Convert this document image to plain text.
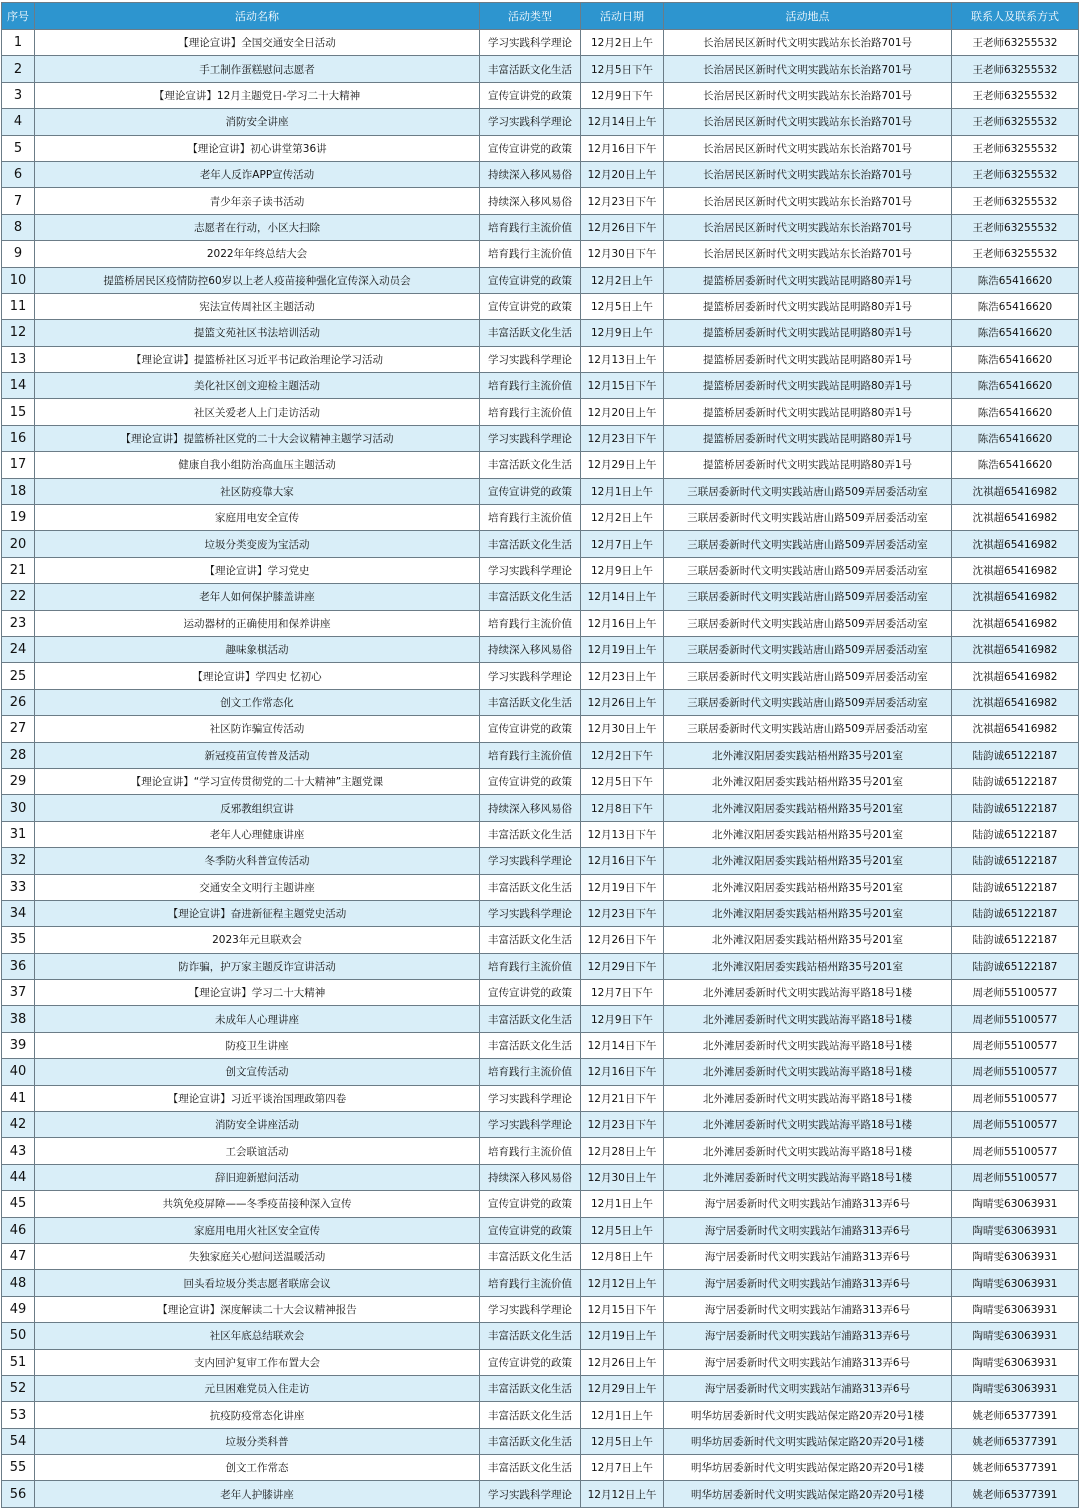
序号	活动名称	活动类型	活动日期	活动地点	联系人及联系方式
1	【理论宣讲】全国交通安全日活动	学习实践科学理论	12月2日上午	长治居民区新时代文明实践站东长治路701号	王老师63255532
2	手工制作蛋糕慰问志愿者	丰富活跃文化生活	12月5日下午	长治居民区新时代文明实践站东长治路701号	王老师63255532
3	【理论宣讲】12月主题党日-学习二十大精神	宣传宣讲党的政策	12月9日下午	长治居民区新时代文明实践站东长治路701号	王老师63255532
4	消防安全讲座	学习实践科学理论	12月14日上午	长治居民区新时代文明实践站东长治路701号	王老师63255532
5	【理论宣讲】初心讲堂第36讲	宣传宣讲党的政策	12月16日下午	长治居民区新时代文明实践站东长治路701号	王老师63255532
6	老年人反诈APP宣传活动	持续深入移风易俗	12月20日上午	长治居民区新时代文明实践站东长治路701号	王老师63255532
7	青少年亲子读书活动	持续深入移风易俗	12月23日下午	长治居民区新时代文明实践站东长治路701号	王老师63255532
8	志愿者在行动，小区大扫除	培育践行主流价值	12月26日下午	长治居民区新时代文明实践站东长治路701号	王老师63255532
9	2022年年终总结大会	培育践行主流价值	12月30日下午	长治居民区新时代文明实践站东长治路701号	王老师63255532
10	提篮桥居民区疫情防控60岁以上老人疫苗接种强化宣传深入动员会	宣传宣讲党的政策	12月2日上午	提篮桥居委新时代文明实践站昆明路80弄1号	陈浩65416620
11	宪法宣传周社区主题活动	宣传宣讲党的政策	12月5日上午	提篮桥居委新时代文明实践站昆明路80弄1号	陈浩65416620
12	提篮文苑社区书法培训活动	丰富活跃文化生活	12月9日上午	提篮桥居委新时代文明实践站昆明路80弄1号	陈浩65416620
13	【理论宣讲】提篮桥社区习近平书记政治理论学习活动	学习实践科学理论	12月13日上午	提篮桥居委新时代文明实践站昆明路80弄1号	陈浩65416620
14	美化社区创文迎检主题活动	培育践行主流价值	12月15日下午	提篮桥居委新时代文明实践站昆明路80弄1号	陈浩65416620
15	社区关爱老人上门走访活动	培育践行主流价值	12月20日上午	提篮桥居委新时代文明实践站昆明路80弄1号	陈浩65416620
16	【理论宣讲】提篮桥社区党的二十大会议精神主题学习活动	学习实践科学理论	12月23日下午	提篮桥居委新时代文明实践站昆明路80弄1号	陈浩65416620
17	健康自我小组防治高血压主题活动	丰富活跃文化生活	12月29日上午	提篮桥居委新时代文明实践站昆明路80弄1号	陈浩65416620
18	社区防疫靠大家	宣传宣讲党的政策	12月1日上午	三联居委新时代文明实践站唐山路509弄居委活动室	沈祺超65416982
19	家庭用电安全宣传	培育践行主流价值	12月2日上午	三联居委新时代文明实践站唐山路509弄居委活动室	沈祺超65416982
20	垃圾分类变废为宝活动	丰富活跃文化生活	12月7日上午	三联居委新时代文明实践站唐山路509弄居委活动室	沈祺超65416982
21	【理论宣讲】学习党史	学习实践科学理论	12月9日上午	三联居委新时代文明实践站唐山路509弄居委活动室	沈祺超65416982
22	老年人如何保护膝盖讲座	丰富活跃文化生活	12月14日上午	三联居委新时代文明实践站唐山路509弄居委活动室	沈祺超65416982
23	运动器材的正确使用和保养讲座	培育践行主流价值	12月16日上午	三联居委新时代文明实践站唐山路509弄居委活动室	沈祺超65416982
24	趣味象棋活动	持续深入移风易俗	12月19日上午	三联居委新时代文明实践站唐山路509弄居委活动室	沈祺超65416982
25	【理论宣讲】学四史 忆初心	学习实践科学理论	12月23日上午	三联居委新时代文明实践站唐山路509弄居委活动室	沈祺超65416982
26	创文工作常态化	丰富活跃文化生活	12月26日上午	三联居委新时代文明实践站唐山路509弄居委活动室	沈祺超65416982
27	社区防诈骗宣传活动	宣传宣讲党的政策	12月30日上午	三联居委新时代文明实践站唐山路509弄居委活动室	沈祺超65416982
28	新冠疫苗宣传普及活动	培育践行主流价值	12月2日下午	北外滩汉阳居委实践站梧州路35号201室	陆韵诚65122187
29	【理论宣讲】“学习宣传贯彻党的二十大精神”主题党课	宣传宣讲党的政策	12月5日下午	北外滩汉阳居委实践站梧州路35号201室	陆韵诚65122187
30	反邪教组织宣讲	持续深入移风易俗	12月8日下午	北外滩汉阳居委实践站梧州路35号201室	陆韵诚65122187
31	老年人心理健康讲座	丰富活跃文化生活	12月13日下午	北外滩汉阳居委实践站梧州路35号201室	陆韵诚65122187
32	冬季防火科普宣传活动	学习实践科学理论	12月16日下午	北外滩汉阳居委实践站梧州路35号201室	陆韵诚65122187
33	交通安全文明行主题讲座	丰富活跃文化生活	12月19日下午	北外滩汉阳居委实践站梧州路35号201室	陆韵诚65122187
34	【理论宣讲】奋进新征程主题党史活动	学习实践科学理论	12月23日下午	北外滩汉阳居委实践站梧州路35号201室	陆韵诚65122187
35	2023年元旦联欢会	丰富活跃文化生活	12月26日下午	北外滩汉阳居委实践站梧州路35号201室	陆韵诚65122187
36	防诈骗，护万家主题反诈宣讲活动	培育践行主流价值	12月29日下午	北外滩汉阳居委实践站梧州路35号201室	陆韵诚65122187
37	【理论宣讲】学习二十大精神	宣传宣讲党的政策	12月7日下午	北外滩居委新时代文明实践站海平路18号1楼	周老师55100577
38	未成年人心理讲座	丰富活跃文化生活	12月9日下午	北外滩居委新时代文明实践站海平路18号1楼	周老师55100577
39	防疫卫生讲座	丰富活跃文化生活	12月14日下午	北外滩居委新时代文明实践站海平路18号1楼	周老师55100577
40	创文宣传活动	培育践行主流价值	12月16日下午	北外滩居委新时代文明实践站海平路18号1楼	周老师55100577
41	【理论宣讲】习近平谈治国理政第四卷	学习实践科学理论	12月21日下午	北外滩居委新时代文明实践站海平路18号1楼	周老师55100577
42	消防安全讲座活动	学习实践科学理论	12月23日下午	北外滩居委新时代文明实践站海平路18号1楼	周老师55100577
43	工会联谊活动	培育践行主流价值	12月28日上午	北外滩居委新时代文明实践站海平路18号1楼	周老师55100577
44	辞旧迎新慰问活动	持续深入移风易俗	12月30日上午	北外滩居委新时代文明实践站海平路18号1楼	周老师55100577
45	共筑免疫屏障——冬季疫苗接种深入宣传	宣传宣讲党的政策	12月1日上午	海宁居委新时代文明实践站乍浦路313弄6号	陶晴雯63063931
46	家庭用电用火社区安全宣传	宣传宣讲党的政策	12月5日上午	海宁居委新时代文明实践站乍浦路313弄6号	陶晴雯63063931
47	失独家庭关心慰问送温暖活动	丰富活跃文化生活	12月8日上午	海宁居委新时代文明实践站乍浦路313弄6号	陶晴雯63063931
48	回头看垃圾分类志愿者联席会议	培育践行主流价值	12月12日上午	海宁居委新时代文明实践站乍浦路313弄6号	陶晴雯63063931
49	【理论宣讲】深度解读二十大会议精神报告	学习实践科学理论	12月15日下午	海宁居委新时代文明实践站乍浦路313弄6号	陶晴雯63063931
50	社区年底总结联欢会	丰富活跃文化生活	12月19日上午	海宁居委新时代文明实践站乍浦路313弄6号	陶晴雯63063931
51	支内回沪复审工作布置大会	宣传宣讲党的政策	12月26日上午	海宁居委新时代文明实践站乍浦路313弄6号	陶晴雯63063931
52	元旦困难党员入住走访	丰富活跃文化生活	12月29日上午	海宁居委新时代文明实践站乍浦路313弄6号	陶晴雯63063931
53	抗疫防疫常态化讲座	丰富活跃文化生活	12月1日上午	明华坊居委新时代文明实践站保定路20弄20号1楼	姚老师65377391
54	垃圾分类科普	丰富活跃文化生活	12月5日上午	明华坊居委新时代文明实践站保定路20弄20号1楼	姚老师65377391
55	创文工作常态	丰富活跃文化生活	12月7日上午	明华坊居委新时代文明实践站保定路20弄20号1楼	姚老师65377391
56	老年人护膝讲座	学习实践科学理论	12月12日上午	明华坊居委新时代文明实践站保定路20弄20号1楼	姚老师65377391
